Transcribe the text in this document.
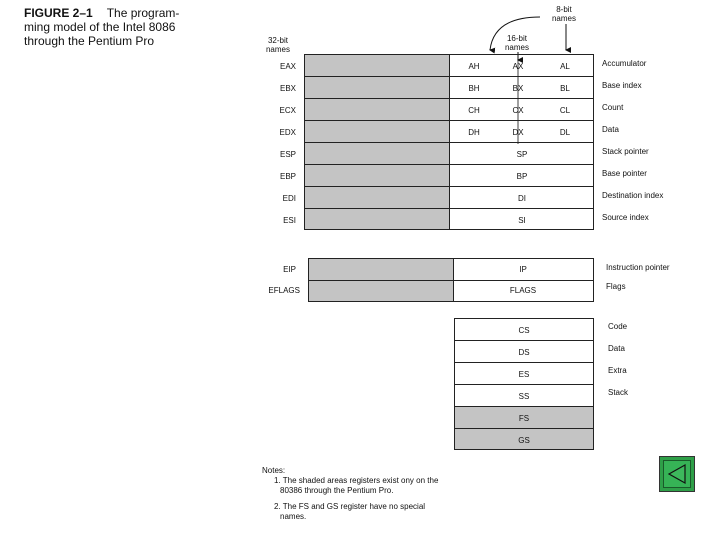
FIGURE 2–1 The program-
ming model of the Intel 8086
through the Pentium Pro	32-bit
names
16-bit
names
8-bit
names
Notes:
1. The shaded areas registers exist ony on the
80386 through the Pentium Pro.
2. The FS and GS register have no special
names.
EAX	AH	AX	AL	Accumulator
EBX	BH	BX	BL	Base index
ECX	CH	CX	CL	Count
EDX	DH	DX	DL	Data
ESP	SP	Stack pointer
EBP	BP	Base pointer
EDI	DI	Destination index
ESI	SI	Source index
EIP	IP	Instruction pointer
EFLAGS	FLAGS	Flags
CS	Code
DS	Data
ES	Extra
SS	Stack
FS
GS
